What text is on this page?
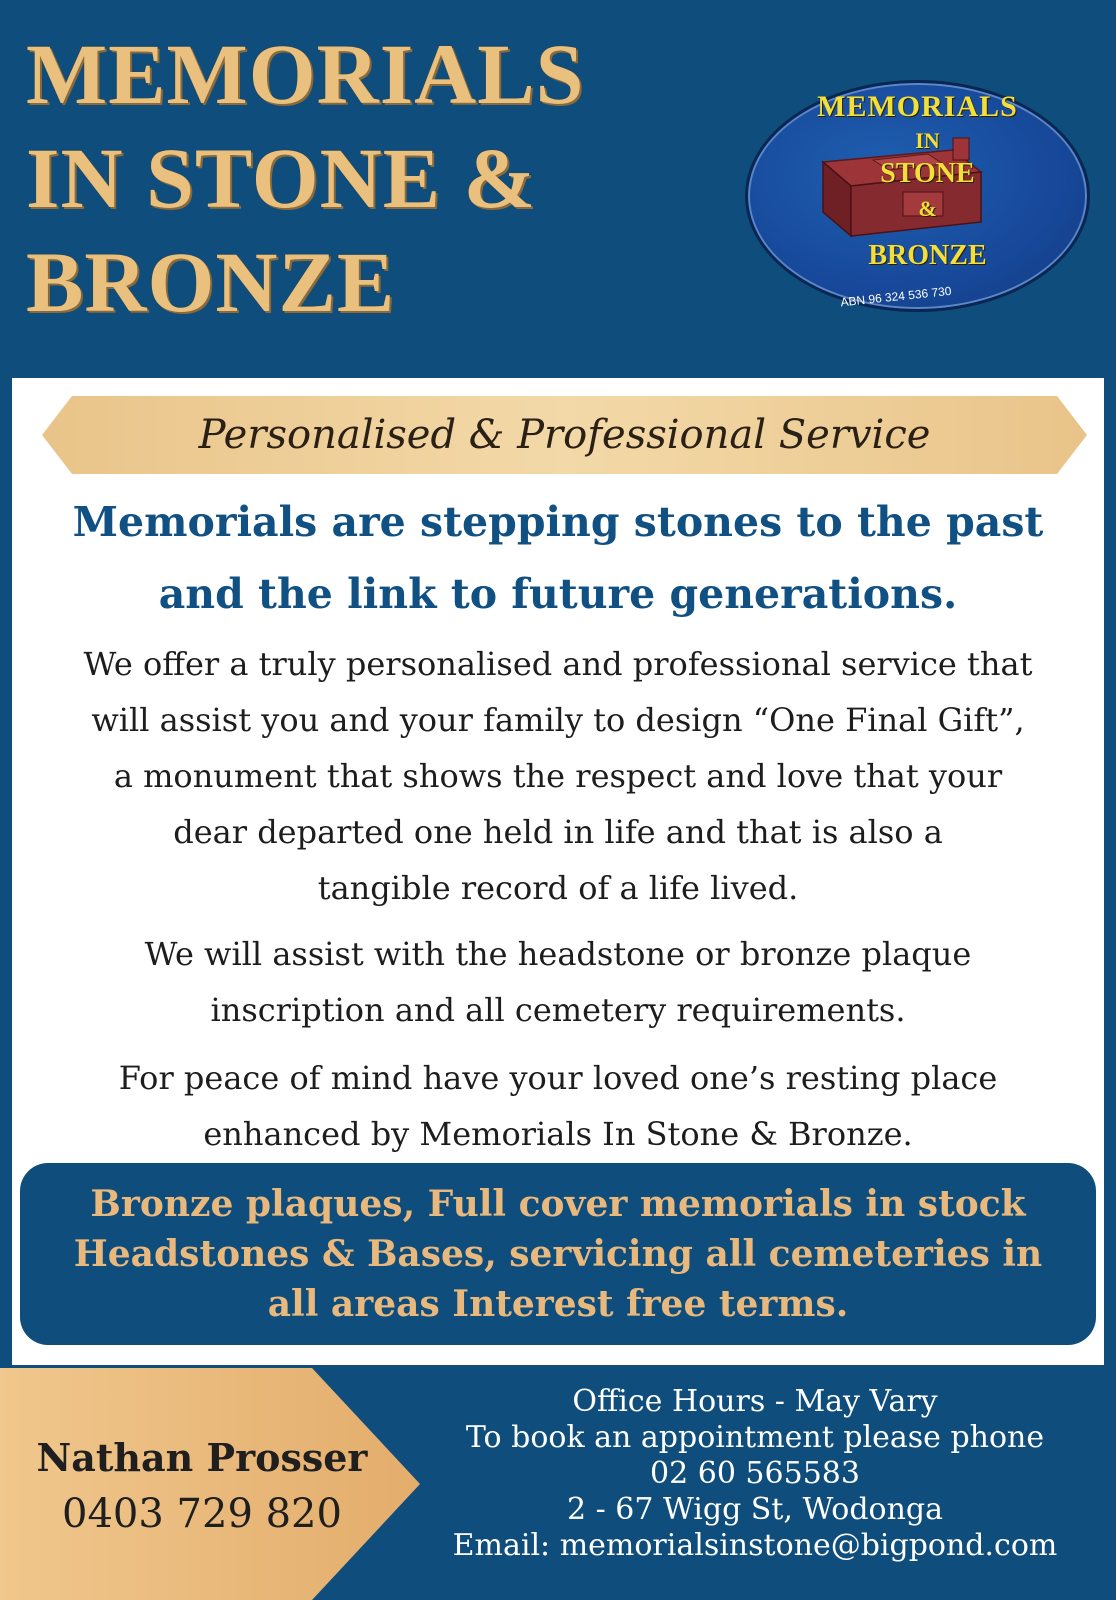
MEMORIALS
IN STONE &
BRONZE
MEMORIALS
IN
STONE
&
BRONZE
ABN 96 324 536 730
Personalised & Professional Service
Memorials are stepping stones to the past
and the link to future generations.
We offer a truly personalised and professional service that
will assist you and your family to design “One Final Gift”,
a monument that shows the respect and love that your
dear departed one held in life and that is also a
tangible record of a life lived.
We will assist with the headstone or bronze plaque
inscription and all cemetery requirements.
For peace of mind have your loved one’s resting place
enhanced by Memorials In Stone & Bronze.
Bronze plaques, Full cover memorials in stock
Headstones & Bases, servicing all cemeteries in
all areas Interest free terms.
Nathan Prosser
0403 729 820
Office Hours - May Vary
To book an appointment please phone
02 60 565583
2 - 67 Wigg St, Wodonga
Email: memorialsinstone@bigpond.com
